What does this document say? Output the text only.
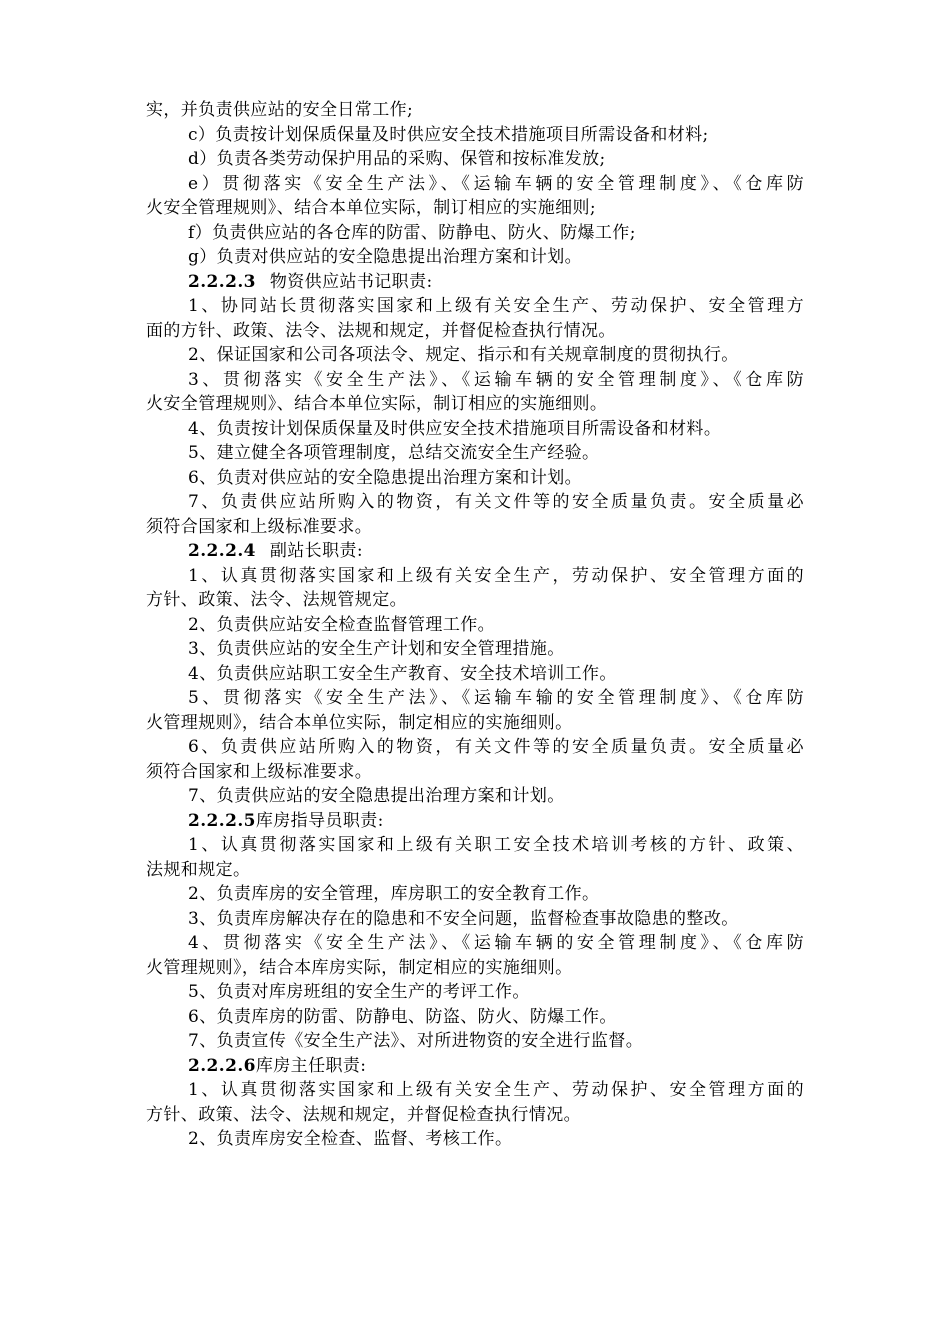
实，并负责供应站的安全日常工作;
c）负责按计划保质保量及时供应安全技术措施项目所需设备和材料;
d）负责各类劳动保护用品的采购、保管和按标准发放;
e）贯彻落实《安全生产法》、《运输车辆的安全管理制度》、《仓库防
火安全管理规则》、结合本单位实际，制订相应的实施细则;
f）负责供应站的各仓库的防雷、防静电、防火、防爆工作;
g）负责对供应站的安全隐患提出治理方案和计划。
2.2.2.3 物资供应站书记职责:
1、协同站长贯彻落实国家和上级有关安全生产、劳动保护、安全管理方
面的方针、政策、法令、法规和规定，并督促检查执行情况。
2、保证国家和公司各项法令、规定、指示和有关规章制度的贯彻执行。
3、贯彻落实《安全生产法》、《运输车辆的安全管理制度》、《仓库防
火安全管理规则》、结合本单位实际，制订相应的实施细则。
4、负责按计划保质保量及时供应安全技术措施项目所需设备和材料。
5、建立健全各项管理制度，总结交流安全生产经验。
6、负责对供应站的安全隐患提出治理方案和计划。
7、负责供应站所购入的物资，有关文件等的安全质量负责。安全质量必
须符合国家和上级标准要求。
2.2.2.4 副站长职责:
1、认真贯彻落实国家和上级有关安全生产，劳动保护、安全管理方面的
方针、政策、法令、法规管规定。
2、负责供应站安全检查监督管理工作。
3、负责供应站的安全生产计划和安全管理措施。
4、负责供应站职工安全生产教育、安全技术培训工作。
5、贯彻落实《安全生产法》、《运输车输的安全管理制度》、《仓库防
火管理规则》，结合本单位实际，制定相应的实施细则。
6、负责供应站所购入的物资，有关文件等的安全质量负责。安全质量必
须符合国家和上级标准要求。
7、负责供应站的安全隐患提出治理方案和计划。
2.2.2.5库房指导员职责:
1、认真贯彻落实国家和上级有关职工安全技术培训考核的方针、政策、
法规和规定。
2、负责库房的安全管理，库房职工的安全教育工作。
3、负责库房解决存在的隐患和不安全问题，监督检查事故隐患的整改。
4、贯彻落实《安全生产法》、《运输车辆的安全管理制度》、《仓库防
火管理规则》，结合本库房实际，制定相应的实施细则。
5、负责对库房班组的安全生产的考评工作。
6、负责库房的防雷、防静电、防盗、防火、防爆工作。
7、负责宣传《安全生产法》、对所进物资的安全进行监督。
2.2.2.6库房主任职责:
1、认真贯彻落实国家和上级有关安全生产、劳动保护、安全管理方面的
方针、政策、法令、法规和规定，并督促检查执行情况。
2、负责库房安全检查、监督、考核工作。
